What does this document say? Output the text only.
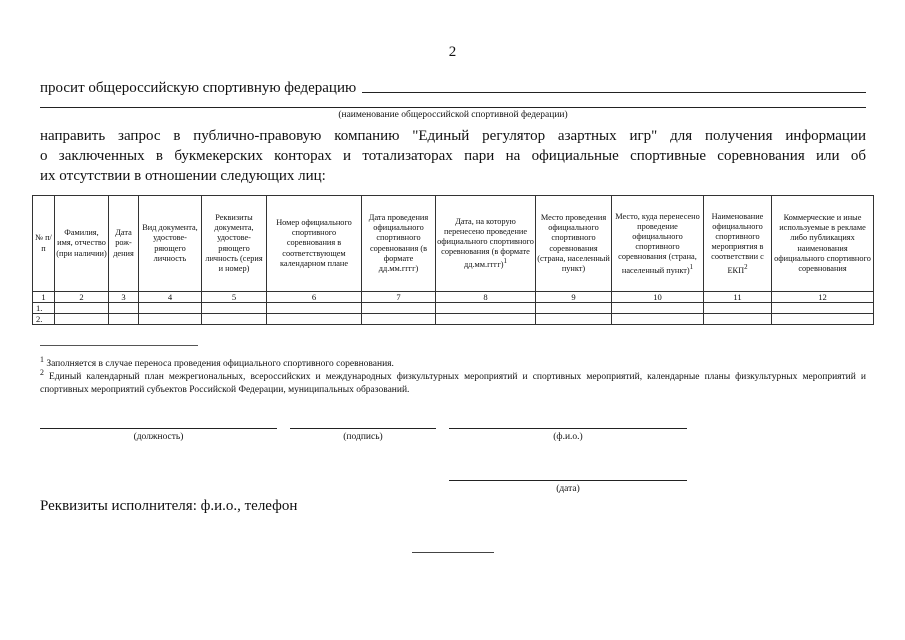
2
просит общероссийскую спортивную федерацию
(наименование общероссийской спортивной федерации)
направить запрос в публично-правовую компанию "Единый регулятор азартных игр" для получения информации
о заключенных в букмекерских конторах и тотализаторах пари на официальные спортивные соревнования или об
их отсутствии в отношении следующих лиц:
№ п/п	Фамилия, имя, отчество (при наличии)	Дата рож- дения	Вид документа, удостове- ряющего личность	Реквизиты документа, удостове- ряющего личность (серия и номер)	Номер официального спортивного соревнования в соответствующем календарном плане	Дата проведения официального спортивного соревнования (в формате дд.мм.гггг)	Дата, на которую перенесено проведение официального спортивного соревнования (в формате дд.мм.гггг)$^1$	Место проведения официального спортивного соревнования (страна, населенный пункт)	Место, куда перенесено проведение официального спортивного соревнования (страна, населенный пункт)$^1$	Наименование официального спортивного мероприятия в соответствии с ЕКП$^2$	Коммерческие и иные используемые в рекламе либо публикациях наименования официального спортивного соревнования
1	2	3	4	5	6	7	8	9	10	11	12
1.											
2.											
$^1$ Заполняется в случае переноса проведения официального спортивного соревнования.
$^2$ Единый календарный план межрегиональных, всероссийских и международных физкультурных мероприятий и спортивных мероприятий, календарные планы физкультурных мероприятий и спортивных мероприятий субъектов Российской Федерации, муниципальных образований.
(должность)	(подпись)	(ф.и.о.)
(дата)
Реквизиты исполнителя: ф.и.о., телефон
